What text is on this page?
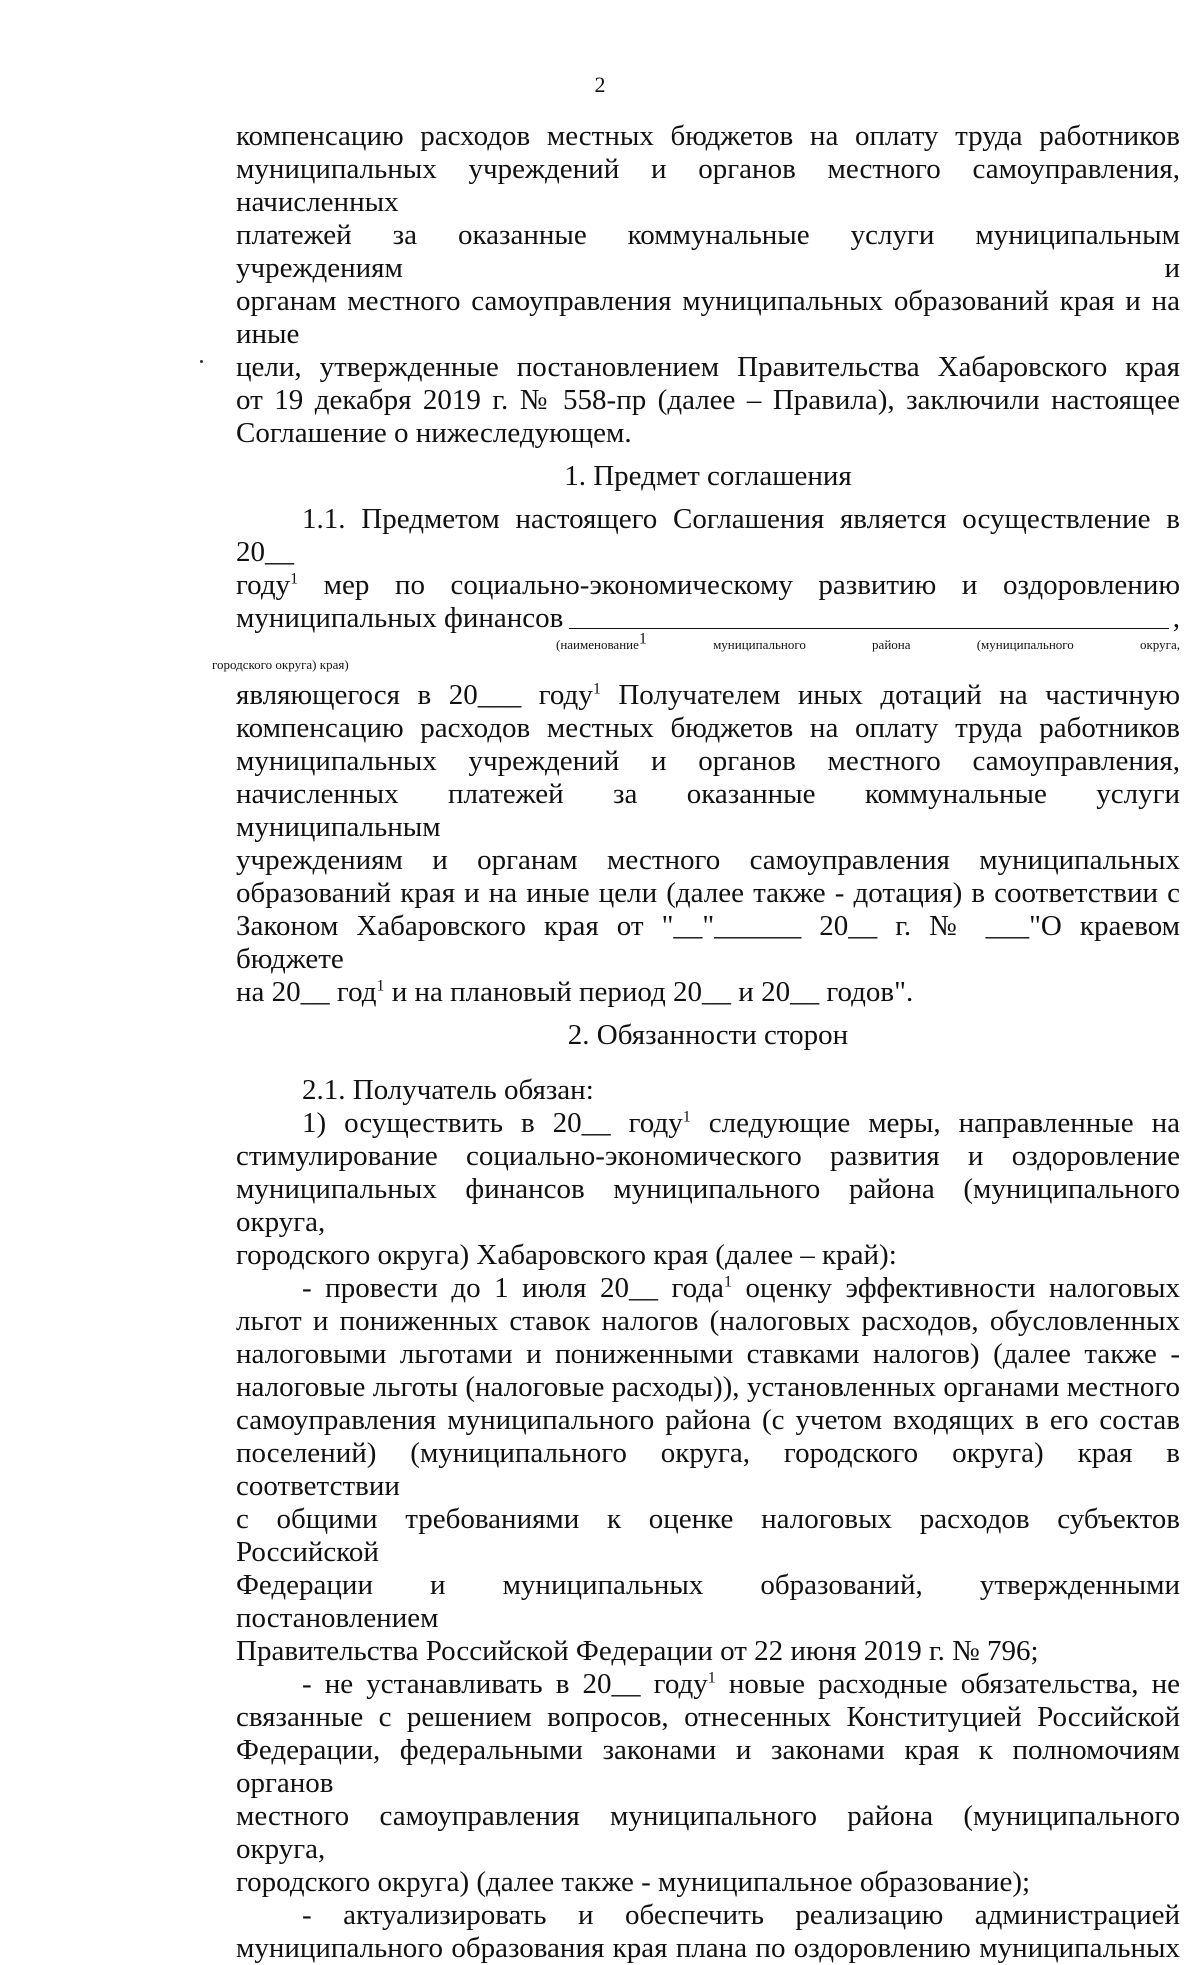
2

компенсацию расходов местных бюджетов на оплату труда работников

муниципальных учреждений и органов местного самоуправления, начисленных

платежей за оказанные коммунальные услуги муниципальным учреждениям и

органам местного самоуправления муниципальных образований края и на иные

цели, утвержденные постановлением Правительства Хабаровского края

от 19 декабря 2019 г. № 558-пр (далее – Правила), заключили настоящее

Соглашение о нижеследующем.

1. Предмет соглашения

1.1. Предметом настоящего Соглашения является осуществление в 20__

году$^1$ мер по социально-экономическому развитию и оздоровлению

муниципальных финансов	,

(наименование$^1$ муниципального района (муниципального округа,

городского округа) края)

являющегося в 20___ году$^1$ Получателем иных дотаций на частичную

компенсацию расходов местных бюджетов на оплату труда работников

муниципальных учреждений и органов местного самоуправления,

начисленных платежей за оказанные коммунальные услуги муниципальным

учреждениям и органам местного самоуправления муниципальных

образований края и на иные цели (далее также - дотация) в соответствии с

Законом Хабаровского края от "__"______ 20__ г. № ___"О краевом бюджете

на 20__ год$^1$ и на плановый период 20__ и 20__ годов".

2. Обязанности сторон

2.1. Получатель обязан:

1) осуществить в 20__ году$^1$ следующие меры, направленные на

стимулирование социально-экономического развития и оздоровление

муниципальных финансов муниципального района (муниципального округа,

городского округа) Хабаровского края (далее – край):

- провести до 1 июля 20__ года$^1$ оценку эффективности налоговых

льгот и пониженных ставок налогов (налоговых расходов, обусловленных

налоговыми льготами и пониженными ставками налогов) (далее также -

налоговые льготы (налоговые расходы)), установленных органами местного

самоуправления муниципального района (с учетом входящих в его состав

поселений) (муниципального округа, городского округа) края в соответствии

с общими требованиями к оценке налоговых расходов субъектов Российской

Федерации и муниципальных образований, утвержденными постановлением

Правительства Российской Федерации от 22 июня 2019 г. № 796;

- не устанавливать в 20__ году$^1$ новые расходные обязательства, не

связанные с решением вопросов, отнесенных Конституцией Российской

Федерации, федеральными законами и законами края к полномочиям органов

местного самоуправления муниципального района (муниципального округа,

городского округа) (далее также - муниципальное образование);

- актуализировать и обеспечить реализацию администрацией

муниципального образования края плана по оздоровлению муниципальных
